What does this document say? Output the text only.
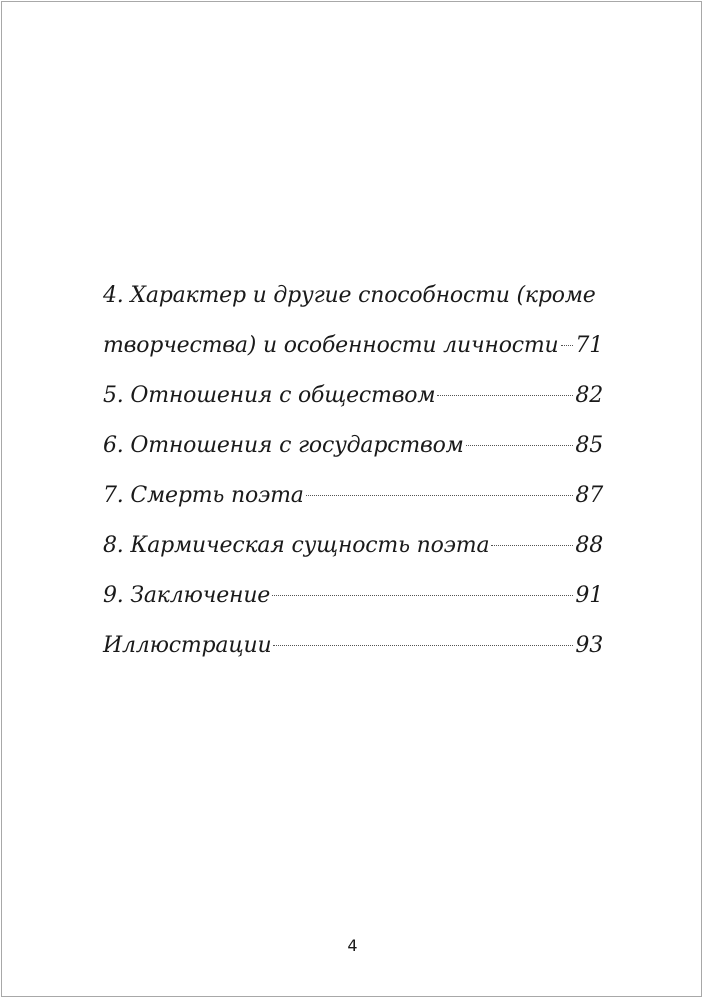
4. Характер и другие способности (кроме
творчества) и особенности личности 71
5. Отношения с обществом	82
6. Отношения с государством	85
7. Смерть поэта	87
8. Кармическая сущность поэта	88
9. Заключение	91
Иллюстрации	93
4
